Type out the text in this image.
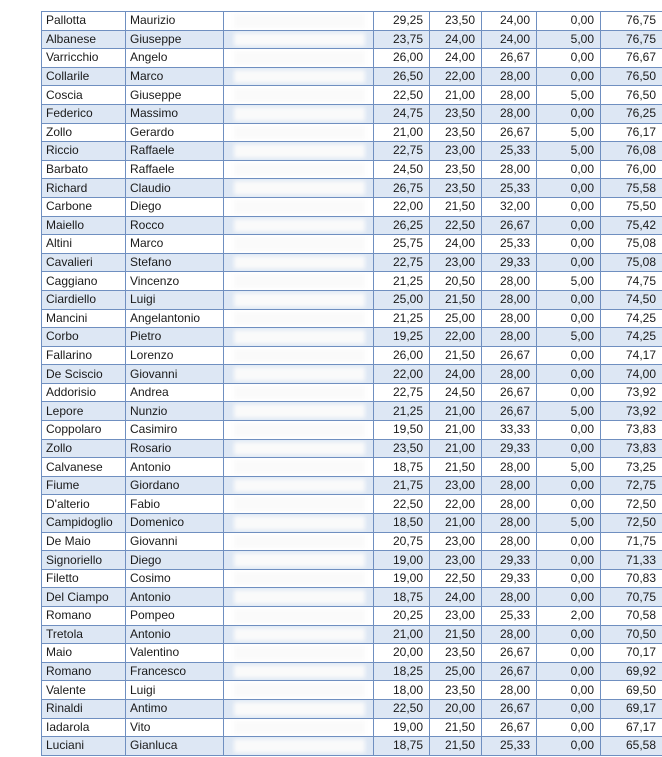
Pallotta	Maurizio		29,25	23,50	24,00	0,00	76,75
Albanese	Giuseppe		23,75	24,00	24,00	5,00	76,75
Varricchio	Angelo		26,00	24,00	26,67	0,00	76,67
Collarile	Marco		26,50	22,00	28,00	0,00	76,50
Coscia	Giuseppe		22,50	21,00	28,00	5,00	76,50
Federico	Massimo		24,75	23,50	28,00	0,00	76,25
Zollo	Gerardo		21,00	23,50	26,67	5,00	76,17
Riccio	Raffaele		22,75	23,00	25,33	5,00	76,08
Barbato	Raffaele		24,50	23,50	28,00	0,00	76,00
Richard	Claudio		26,75	23,50	25,33	0,00	75,58
Carbone	Diego		22,00	21,50	32,00	0,00	75,50
Maiello	Rocco		26,25	22,50	26,67	0,00	75,42
Altini	Marco		25,75	24,00	25,33	0,00	75,08
Cavalieri	Stefano		22,75	23,00	29,33	0,00	75,08
Caggiano	Vincenzo		21,25	20,50	28,00	5,00	74,75
Ciardiello	Luigi		25,00	21,50	28,00	0,00	74,50
Mancini	Angelantonio		21,25	25,00	28,00	0,00	74,25
Corbo	Pietro		19,25	22,00	28,00	5,00	74,25
Fallarino	Lorenzo		26,00	21,50	26,67	0,00	74,17
De Sciscio	Giovanni		22,00	24,00	28,00	0,00	74,00
Addorisio	Andrea		22,75	24,50	26,67	0,00	73,92
Lepore	Nunzio		21,25	21,00	26,67	5,00	73,92
Coppolaro	Casimiro		19,50	21,00	33,33	0,00	73,83
Zollo	Rosario		23,50	21,00	29,33	0,00	73,83
Calvanese	Antonio		18,75	21,50	28,00	5,00	73,25
Fiume	Giordano		21,75	23,00	28,00	0,00	72,75
D'alterio	Fabio		22,50	22,00	28,00	0,00	72,50
Campidoglio	Domenico		18,50	21,00	28,00	5,00	72,50
De Maio	Giovanni		20,75	23,00	28,00	0,00	71,75
Signoriello	Diego		19,00	23,00	29,33	0,00	71,33
Filetto	Cosimo		19,00	22,50	29,33	0,00	70,83
Del Ciampo	Antonio		18,75	24,00	28,00	0,00	70,75
Romano	Pompeo		20,25	23,00	25,33	2,00	70,58
Tretola	Antonio		21,00	21,50	28,00	0,00	70,50
Maio	Valentino		20,00	23,50	26,67	0,00	70,17
Romano	Francesco		18,25	25,00	26,67	0,00	69,92
Valente	Luigi		18,00	23,50	28,00	0,00	69,50
Rinaldi	Antimo		22,50	20,00	26,67	0,00	69,17
Iadarola	Vito		19,00	21,50	26,67	0,00	67,17
Luciani	Gianluca		18,75	21,50	25,33	0,00	65,58
